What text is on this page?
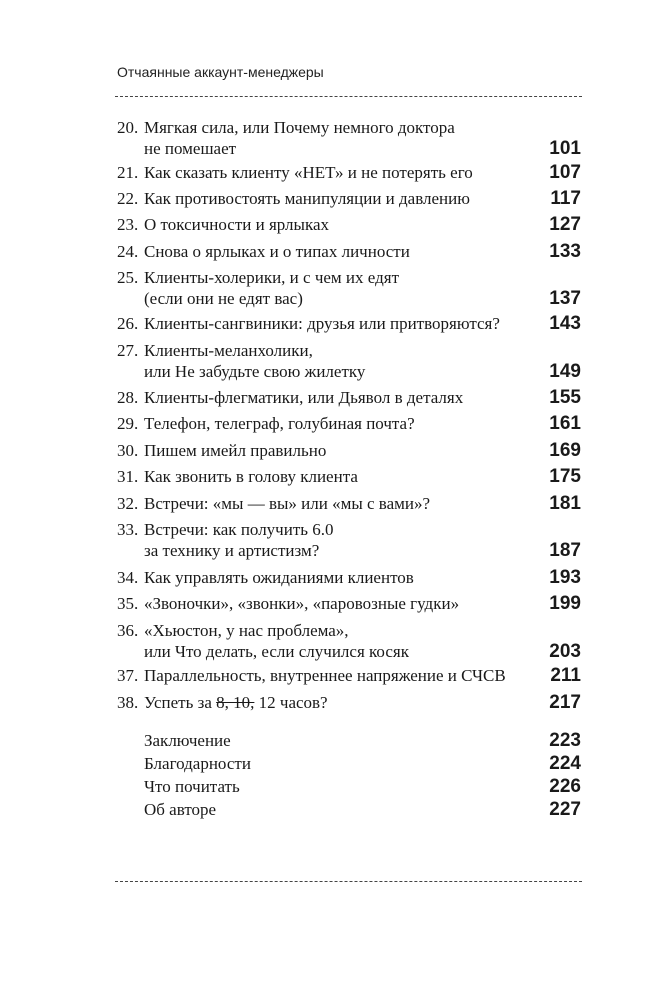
Отчаянные аккаунт-менеджеры
20. Мягкая сила, или Почему немного доктора
не помешает	101
21. Как сказать клиенту «НЕТ» и не потерять его	107
22. Как противостоять манипуляции и давлению	117
23. О токсичности и ярлыках	127
24. Снова о ярлыках и о типах личности	133
25. Клиенты-холерики, и с чем их едят
(если они не едят вас)	137
26. Клиенты-сангвиники: друзья или притворяются?	143
27. Клиенты-меланхолики,
или Не забудьте свою жилетку	149
28. Клиенты-флегматики, или Дьявол в деталях	155
29. Телефон, телеграф, голубиная почта?	161
30. Пишем имейл правильно	169
31. Как звонить в голову клиента	175
32. Встречи: «мы — вы» или «мы с вами»?	181
33. Встречи: как получить 6.0
за технику и артистизм?	187
34. Как управлять ожиданиями клиентов	193
35. «Звоночки», «звонки», «паровозные гудки»	199
36. «Хьюстон, у нас проблема»,
или Что делать, если случился косяк	203
37. Параллельность, внутреннее напряжение и СЧСВ	211
38. Успеть за 8, 10, 12 часов?	217
Заключение	223
Благодарности	224
Что почитать	226
Об авторе	227
